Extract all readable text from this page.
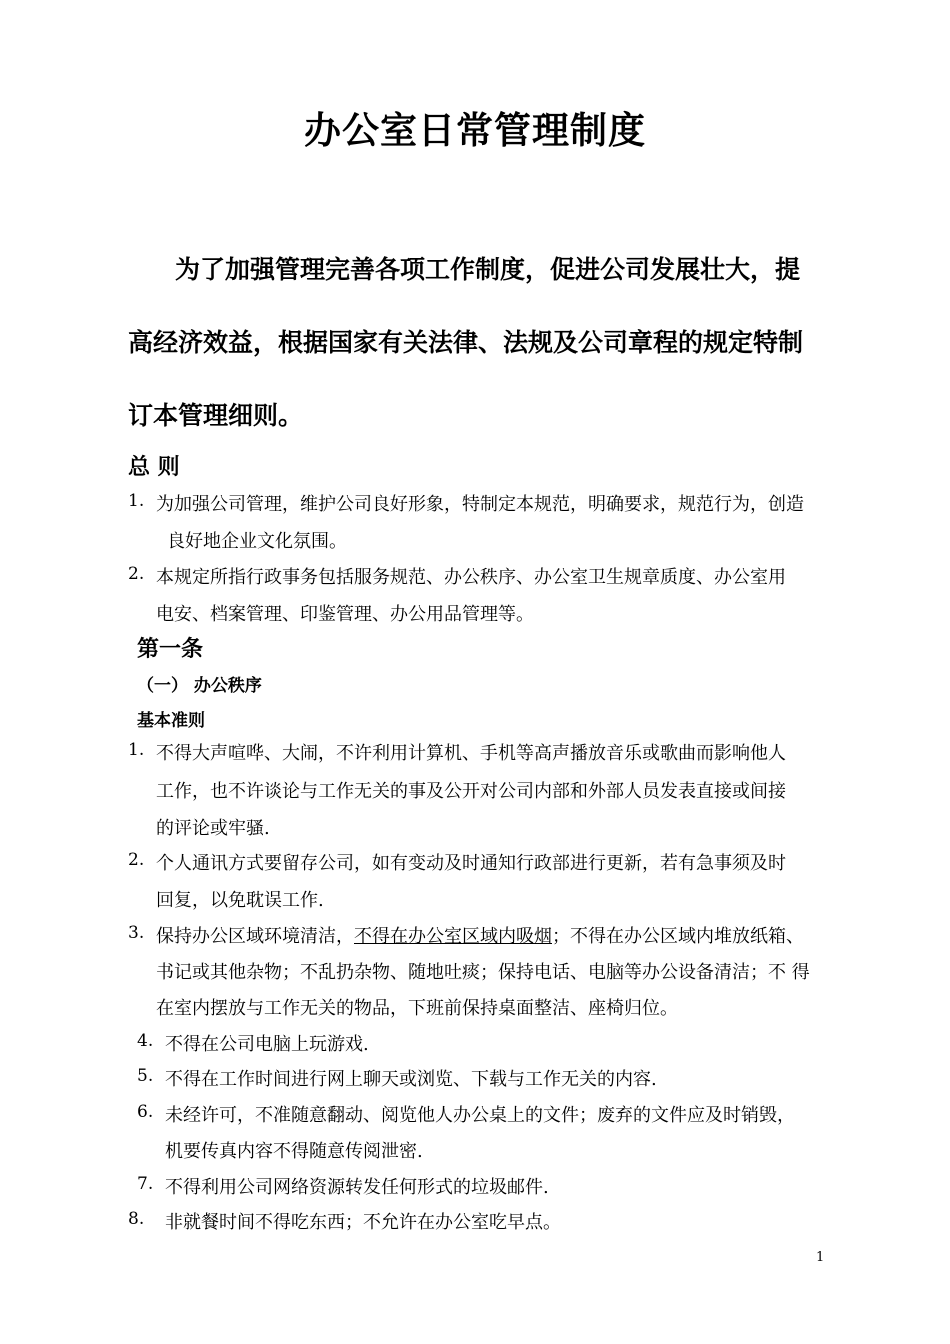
办公室日常管理制度
为了加强管理完善各项工作制度，促进公司发展壮大，提
高经济效益，根据国家有关法律、法规及公司章程的规定特制
订本管理细则。
总 则
1. 为加强公司管理，维护公司良好形象，特制定本规范，明确要求，规范行为，创造
良好地企业文化氛围。
2. 本规定所指行政事务包括服务规范、办公秩序、办公室卫生规章质度、办公室用
电安、档案管理、印鉴管理、办公用品管理等。
第一条
（一） 办公秩序
基本准则
1. 不得大声喧哗、大闹，不许利用计算机、手机等高声播放音乐或歌曲而影响他人
工作，也不许谈论与工作无关的事及公开对公司内部和外部人员发表直接或间接
的评论或牢骚.
2. 个人通讯方式要留存公司，如有变动及时通知行政部进行更新，若有急事须及时
回复，以免耽误工作.
3. 保持办公区域环境清洁，不得在办公室区域内吸烟；不得在办公区域内堆放纸箱、
书记或其他杂物；不乱扔杂物、随地吐痰；保持电话、电脑等办公设备清洁；不 得
在室内摆放与工作无关的物品，下班前保持桌面整洁、座椅归位。
4. 不得在公司电脑上玩游戏.
5. 不得在工作时间进行网上聊天或浏览、下载与工作无关的内容.
6. 未经许可，不准随意翻动、阅览他人办公桌上的文件；废弃的文件应及时销毁，
机要传真内容不得随意传阅泄密.
7. 不得利用公司网络资源转发任何形式的垃圾邮件.
8. 非就餐时间不得吃东西；不允许在办公室吃早点。
1
